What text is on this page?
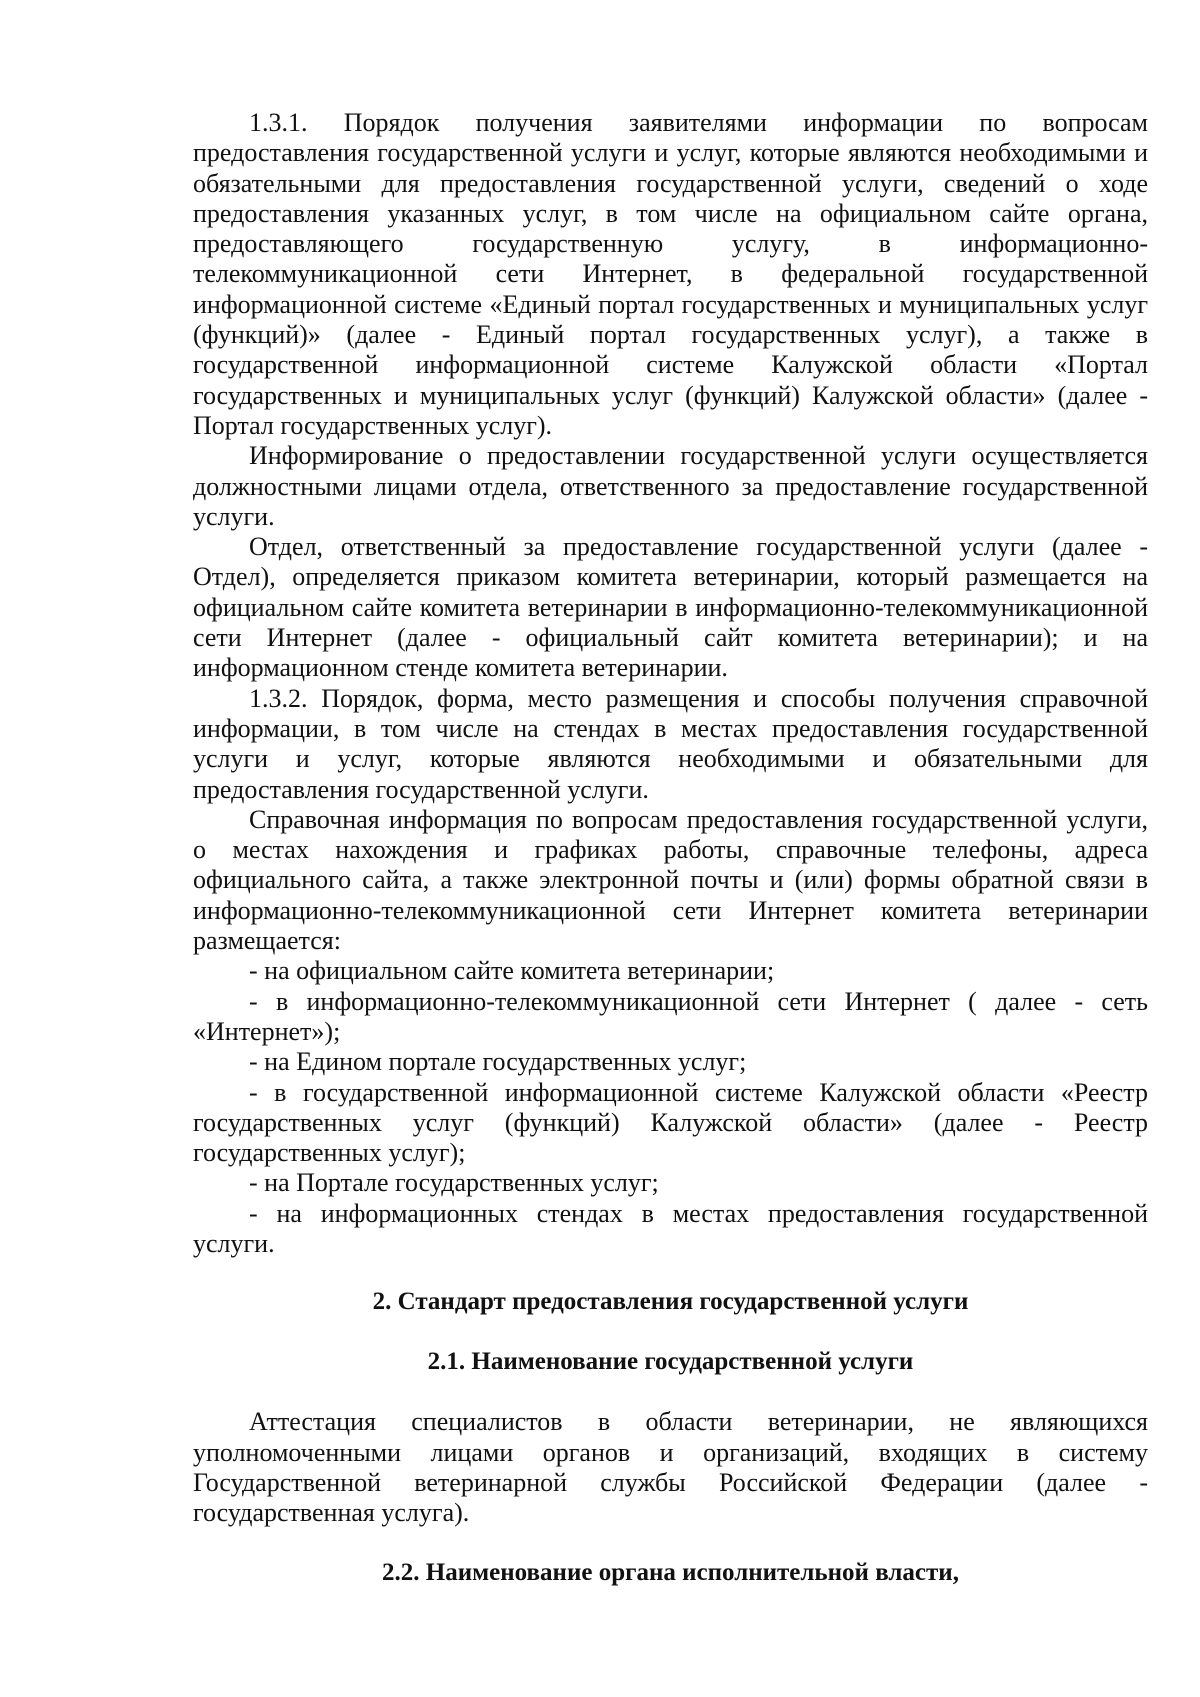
1.3.1. Порядок получения заявителями информации по вопросам предоставления государственной услуги и услуг, которые являются необходимыми и обязательными для предоставления государственной услуги, сведений о ходе предоставления указанных услуг, в том числе на официальном сайте органа, предоставляющего государственную услугу, в информационно-телекоммуникационной сети Интернет, в федеральной государственной информационной системе «Единый портал государственных и муниципальных услуг (функций)» (далее - Единый портал государственных услуг), а также в государственной информационной системе Калужской области «Портал государственных и муниципальных услуг (функций) Калужской области» (далее - Портал государственных услуг).

Информирование о предоставлении государственной услуги осуществляется должностными лицами отдела, ответственного за предоставление государственной услуги.

Отдел, ответственный за предоставление государственной услуги (далее - Отдел), определяется приказом комитета ветеринарии, который размещается на официальном сайте комитета ветеринарии в информационно-телекоммуникационной сети Интернет (далее - официальный сайт комитета ветеринарии); и на информационном стенде комитета ветеринарии.

1.3.2. Порядок, форма, место размещения и способы получения справочной информации, в том числе на стендах в местах предоставления государственной услуги и услуг, которые являются необходимыми и обязательными для предоставления государственной услуги.

Справочная информация по вопросам предоставления государственной услуги, о местах нахождения и графиках работы, справочные телефоны, адреса официального сайта, а также электронной почты и (или) формы обратной связи в информационно-телекоммуникационной сети Интернет комитета ветеринарии размещается:

- на официальном сайте комитета ветеринарии;

- в информационно-телекоммуникационной сети Интернет ( далее - сеть «Интернет»);

- на Едином портале государственных услуг;

- в государственной информационной системе Калужской области «Реестр государственных услуг (функций) Калужской области» (далее - Реестр государственных услуг);

- на Портале государственных услуг;

- на информационных стендах в местах предоставления государственной услуги.

2. Стандарт предоставления государственной услуги

2.1. Наименование государственной услуги

Аттестация специалистов в области ветеринарии, не являющихся уполномоченными лицами органов и организаций, входящих в систему Государственной ветеринарной службы Российской Федерации (далее - государственная услуга).

2.2. Наименование органа исполнительной власти,
